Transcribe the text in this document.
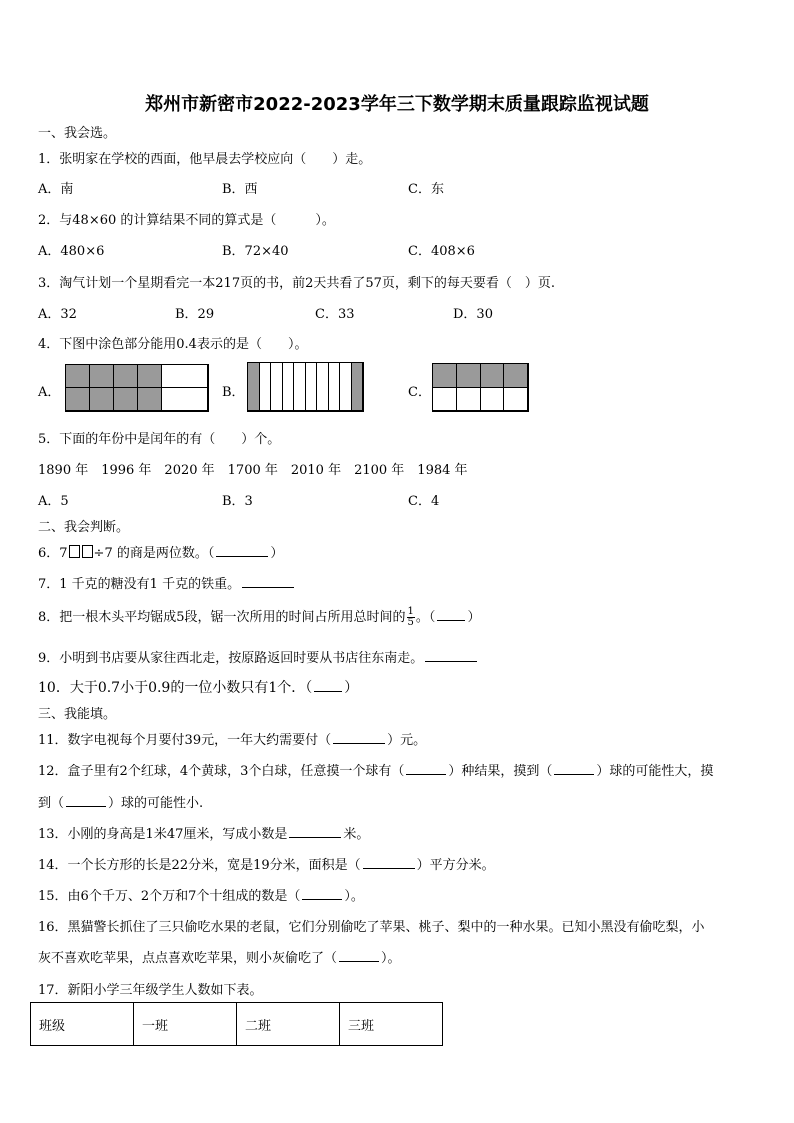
郑州市新密市2022-2023学年三下数学期末质量跟踪监视试题
一、我会选。
1．张明家在学校的西面，他早晨去学校应向（　　）走。
A．南	B．西	C．东
2．与48×60 的计算结果不同的算式是（　　　）。
A．480×6	B．72×40	C．408×6
3．淘气计划一个星期看完一本217页的书，前2天共看了57页，剩下的每天要看（　）页.
A．32	B．29	C．33	D．30
4．下图中涂色部分能用0.4表示的是（　　）。
A．	B．	C．
5．下面的年份中是闰年的有（　　）个。
1890 年　1996 年　2020 年　1700 年　2010 年　2100 年　1984 年
A．5	B．3	C．4
二、我会判断。
6．7 ÷7 的商是两位数。（	）
7．1 千克的糖没有1 千克的铁重。
8．把一根木头平均锯成5段，锯一次所用的时间占所用总时间的 $\frac{1}{5}$ 。（ ）
9．小明到书店要从家往西北走，按原路返回时要从书店往东南走。
10．大于0.7小于0.9的一位小数只有1个．（ ）
三、我能填。
11．数字电视每个月要付39元，一年大约需要付（	）元。
12．盒子里有2个红球，4个黄球，3个白球，任意摸一个球有（	）种结果，摸到（	）球的可能性大，摸
到（	）球的可能性小.
13．小刚的身高是1米47厘米，写成小数是	米。
14．一个长方形的长是22分米，宽是19分米，面积是（	）平方分米。
15．由6个千万、2个万和7个十组成的数是（	）。
16．黑猫警长抓住了三只偷吃水果的老鼠，它们分别偷吃了苹果、桃子、梨中的一种水果。已知小黑没有偷吃梨，小
灰不喜欢吃苹果，点点喜欢吃苹果，则小灰偷吃了（	）。
17．新阳小学三年级学生人数如下表。
班级	一班	二班	三班
